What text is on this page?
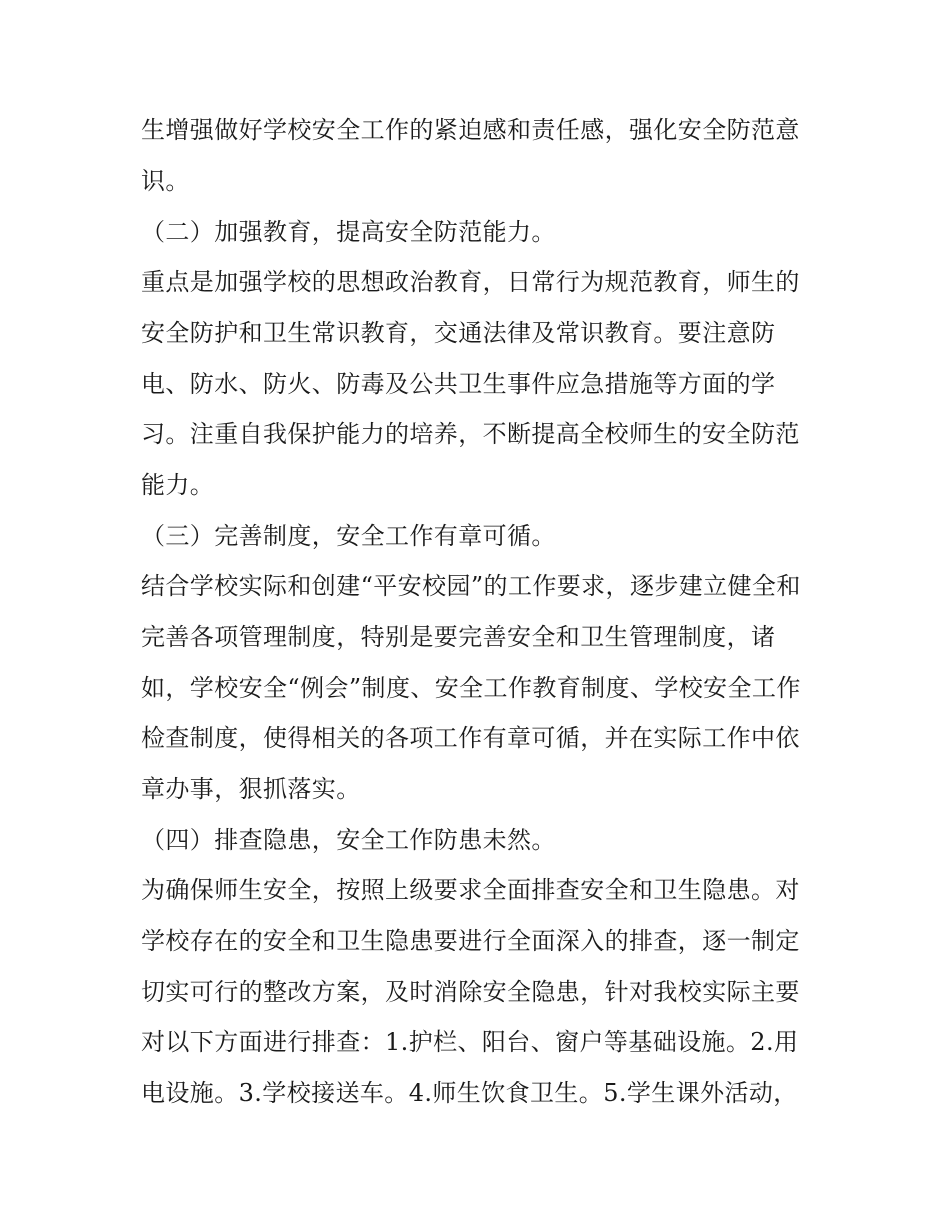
生增强做好学校安全工作的紧迫感和责任感，强化安全防范意
识。
（二）加强教育，提高安全防范能力。
重点是加强学校的思想政治教育，日常行为规范教育，师生的
安全防护和卫生常识教育，交通法律及常识教育。要注意防
电、防水、防火、防毒及公共卫生事件应急措施等方面的学
习。注重自我保护能力的培养，不断提高全校师生的安全防范
能力。
（三）完善制度，安全工作有章可循。
结合学校实际和创建“平安校园”的工作要求，逐步建立健全和
完善各项管理制度，特别是要完善安全和卫生管理制度，诸
如，学校安全“例会”制度、安全工作教育制度、学校安全工作
检查制度，使得相关的各项工作有章可循，并在实际工作中依
章办事，狠抓落实。
（四）排查隐患，安全工作防患未然。
为确保师生安全，按照上级要求全面排查安全和卫生隐患。对
学校存在的安全和卫生隐患要进行全面深入的排查，逐一制定
切实可行的整改方案，及时消除安全隐患，针对我校实际主要
对以下方面进行排查：1.护栏、阳台、窗户等基础设施。2.用
电设施。3.学校接送车。4.师生饮食卫生。5.学生课外活动，
